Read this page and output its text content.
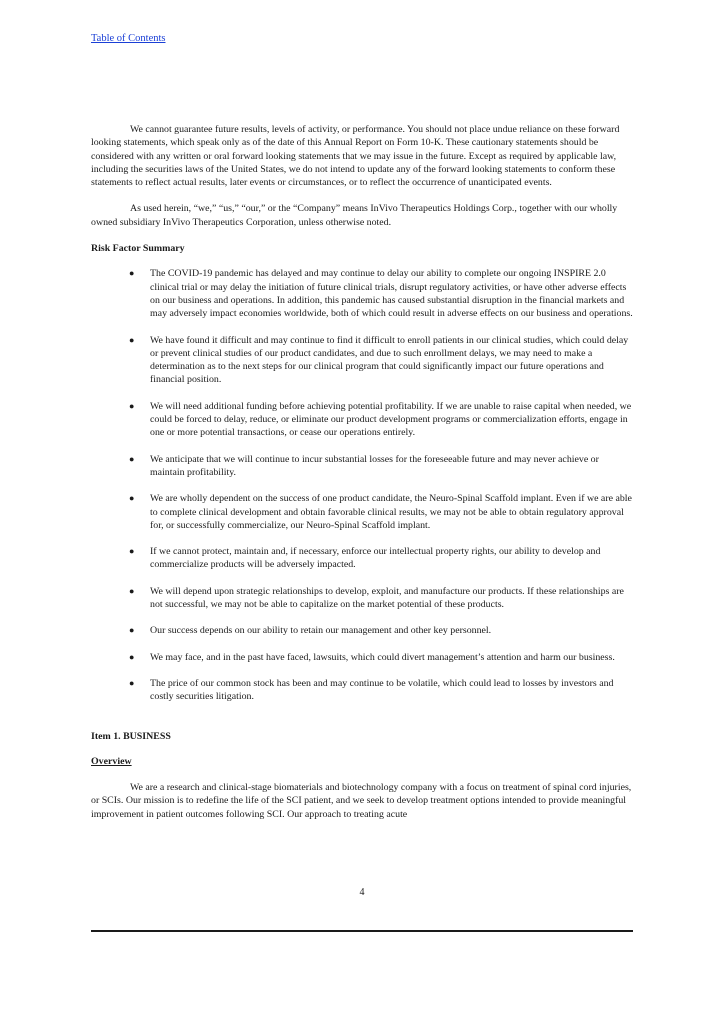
Table of Contents

We cannot guarantee future results, levels of activity, or performance. You should not place undue reliance on these forward looking statements, which speak only as of the date of this Annual Report on Form 10-K. These cautionary statements should be considered with any written or oral forward looking statements that we may issue in the future. Except as required by applicable law, including the securities laws of the United States, we do not intend to update any of the forward looking statements to conform these statements to reflect actual results, later events or circumstances, or to reflect the occurrence of unanticipated events.

As used herein, “we,” “us,” “our,” or the “Company” means InVivo Therapeutics Holdings Corp., together with our wholly owned subsidiary InVivo Therapeutics Corporation, unless otherwise noted.

Risk Factor Summary
● The COVID-19 pandemic has delayed and may continue to delay our ability to complete our ongoing INSPIRE 2.0 clinical trial or may delay the initiation of future clinical trials, disrupt regulatory activities, or have other adverse effects on our business and operations. In addition, this pandemic has caused substantial disruption in the financial markets and may adversely impact economies worldwide, both of which could result in adverse effects on our business and operations.
● We have found it difficult and may continue to find it difficult to enroll patients in our clinical studies, which could delay or prevent clinical studies of our product candidates, and due to such enrollment delays, we may need to make a determination as to the next steps for our clinical program that could significantly impact our future operations and financial position.
● We will need additional funding before achieving potential profitability. If we are unable to raise capital when needed, we could be forced to delay, reduce, or eliminate our product development programs or commercialization efforts, engage in one or more potential transactions, or cease our operations entirely.
● We anticipate that we will continue to incur substantial losses for the foreseeable future and may never achieve or maintain profitability.
● We are wholly dependent on the success of one product candidate, the Neuro-Spinal Scaffold implant. Even if we are able to complete clinical development and obtain favorable clinical results, we may not be able to obtain regulatory approval for, or successfully commercialize, our Neuro-Spinal Scaffold implant.
● If we cannot protect, maintain and, if necessary, enforce our intellectual property rights, our ability to develop and commercialize products will be adversely impacted.
● We will depend upon strategic relationships to develop, exploit, and manufacture our products. If these relationships are not successful, we may not be able to capitalize on the market potential of these products.
● Our success depends on our ability to retain our management and other key personnel.
● We may face, and in the past have faced, lawsuits, which could divert management’s attention and harm our business.
● The price of our common stock has been and may continue to be volatile, which could lead to losses by investors and costly securities litigation.
Item 1. BUSINESS
Overview

We are a research and clinical-stage biomaterials and biotechnology company with a focus on treatment of spinal cord injuries, or SCIs. Our mission is to redefine the life of the SCI patient, and we seek to develop treatment options intended to provide meaningful improvement in patient outcomes following SCI. Our approach to treating acute

4
